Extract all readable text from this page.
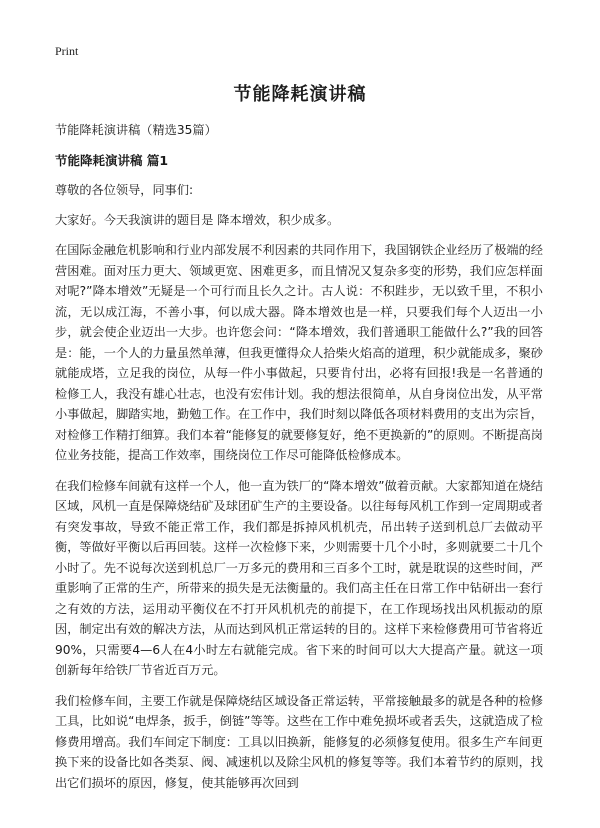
Print
节能降耗演讲稿

节能降耗演讲稿（精选35篇）

节能降耗演讲稿 篇1

尊敬的各位领导，同事们:

大家好。今天我演讲的题目是 降本增效，积少成多。

在国际金融危机影响和行业内部发展不利因素的共同作用下，我国钢铁企业经历了极端的经营困难。面对压力更大、领域更宽、困难更多，而且情况又复杂多变的形势，我们应怎样面对呢?”降本增效”无疑是一个可行而且长久之计。古人说：不积跬步，无以致千里，不积小流，无以成江海，不善小事，何以成大器。降本增效也是一样，只要我们每个人迈出一小步，就会使企业迈出一大步。也许您会问：“降本增效，我们普通职工能做什么?”我的回答是：能，一个人的力量虽然单薄，但我更懂得众人拾柴火焰高的道理，积少就能成多，聚砂就能成塔，立足我的岗位，从每一件小事做起，只要肯付出，必将有回报!我是一名普通的检修工人，我没有雄心壮志，也没有宏伟计划。我的想法很简单，从自身岗位出发，从平常小事做起，脚踏实地，勤勉工作。在工作中，我们时刻以降低各项材料费用的支出为宗旨，对检修工作精打细算。我们本着“能修复的就要修复好，绝不更换新的”的原则。不断提高岗位业务技能，提高工作效率，围绕岗位工作尽可能降低检修成本。

在我们检修车间就有这样一个人，他一直为铁厂的“降本增效”做着贡献。大家都知道在烧结区域，风机一直是保障烧结矿及球团矿生产的主要设备。以往每每风机工作到一定周期或者有突发事故，导致不能正常工作，我们都是拆掉风机机壳，吊出转子送到机总厂去做动平衡，等做好平衡以后再回装。这样一次检修下来，少则需要十几个小时，多则就要二十几个小时了。先不说每次送到机总厂一万多元的费用和三百多个工时，就是耽误的这些时间，严重影响了正常的生产，所带来的损失是无法衡量的。我们高主任在日常工作中钻研出一套行之有效的方法，运用动平衡仪在不打开风机机壳的前提下，在工作现场找出风机振动的原因，制定出有效的解决方法，从而达到风机正常运转的目的。这样下来检修费用可节省将近90%，只需要4—6人在4小时左右就能完成。省下来的时间可以大大提高产量。就这一项创新每年给铁厂节省近百万元。

我们检修车间，主要工作就是保障烧结区域设备正常运转，平常接触最多的就是各种的检修工具，比如说“电焊条，扳手，倒链”等等。这些在工作中难免损坏或者丢失，这就造成了检修费用增高。我们车间定下制度：工具以旧换新，能修复的必须修复使用。很多生产车间更换下来的设备比如各类泵、阀、减速机以及除尘风机的修复等等。我们本着节约的原则，找出它们损坏的原因，修复，使其能够再次回到
